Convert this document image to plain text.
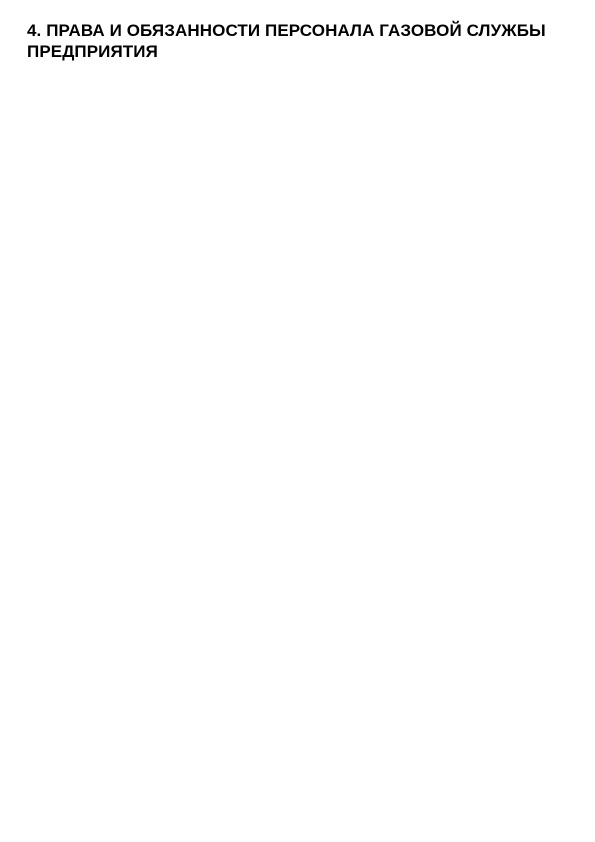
4. ПРАВА И ОБЯЗАННОСТИ ПЕРСОНАЛА ГАЗОВОЙ СЛУЖБЫ ПРЕДПРИЯТИЯ
